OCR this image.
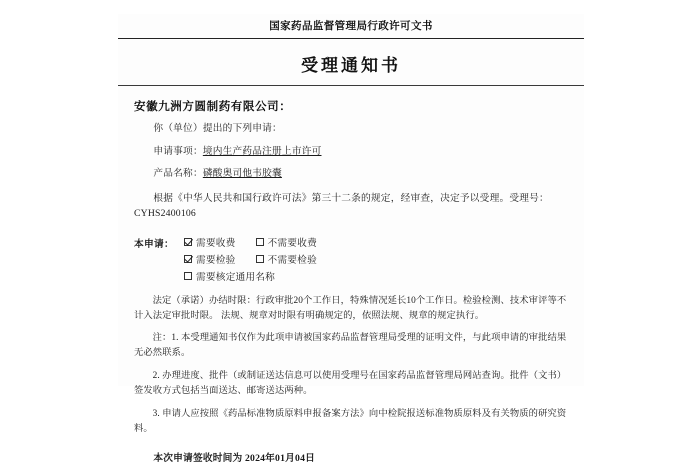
国家药品监督管理局行政许可文书
受理通知书
安徽九洲方圆制药有限公司：
你（单位）提出的下列申请：
申请事项：境内生产药品注册上市许可
产品名称：磷酸奥司他韦胶囊
根据《中华人民共和国行政许可法》第三十二条的规定，经审查，决定予以受理。受理号：CYHS2400106
本申请：	需要收费	不需要收费
需要检验	不需要检验
需要核定通用名称
法定（承诺）办结时限：行政审批20个工作日，特殊情况延长10个工作日。检验检测、技术审评等不计入法定审批时限。 法规、规章对时限有明确规定的，依照法规、规章的规定执行。
注：1. 本受理通知书仅作为此项申请被国家药品监督管理局受理的证明文件，与此项申请的审批结果无必然联系。
2. 办理进度、批件（或制证送达信息可以使用受理号在国家药品监督管理局网站查询。批件（文书）签发收方式包括当面送达、邮寄送达两种。
3. 申请人应按照《药品标准物质原料申报备案方法》向中检院报送标准物质原料及有关物质的研究资料。
本次申请签收时间为 2024年01月04日
